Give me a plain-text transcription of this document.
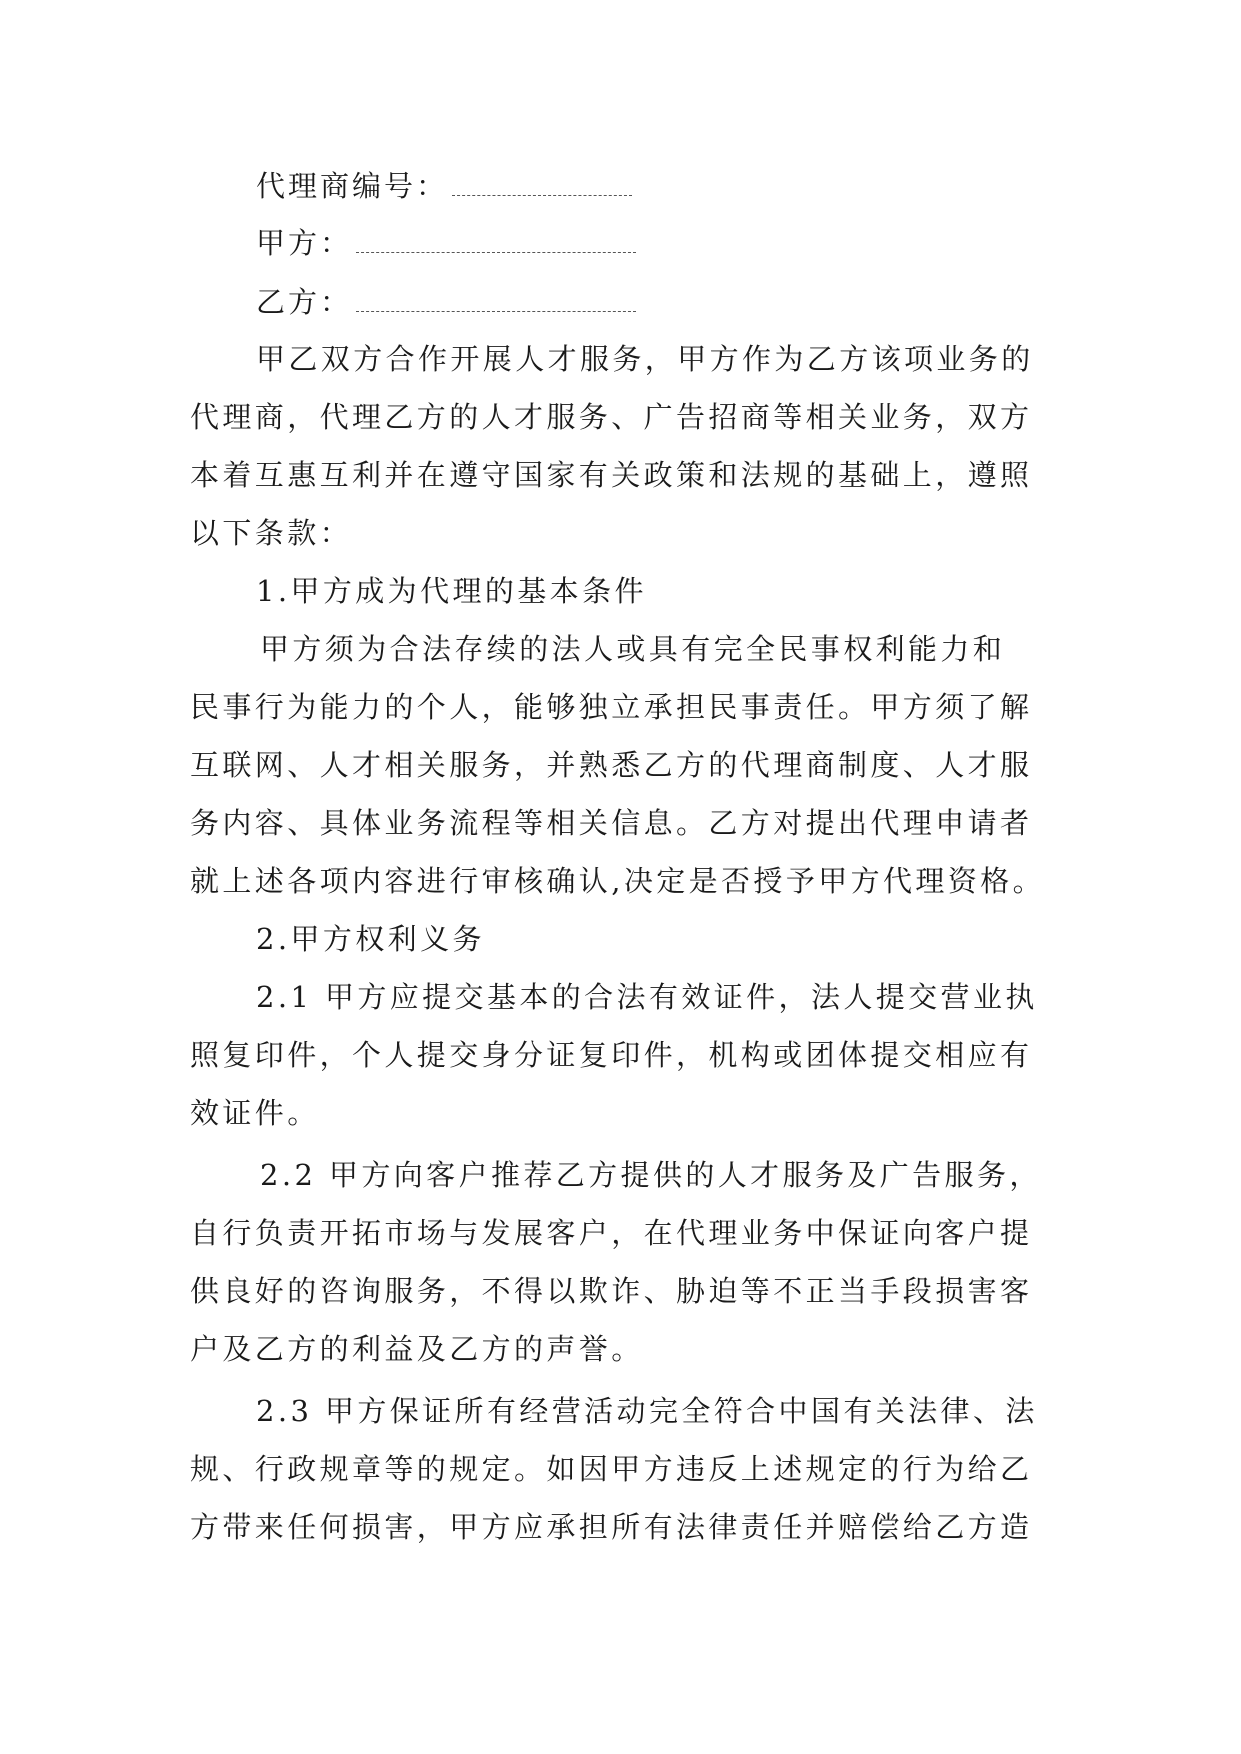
代理商编号：
甲方：
乙方：
甲乙双方合作开展人才服务，甲方作为乙方该项业务的
代理商，代理乙方的人才服务、广告招商等相关业务，双方
本着互惠互利并在遵守国家有关政策和法规的基础上，遵照
以下条款：
1.甲方成为代理的基本条件
甲方须为合法存续的法人或具有完全民事权利能力和
民事行为能力的个人，能够独立承担民事责任。甲方须了解
互联网、人才相关服务，并熟悉乙方的代理商制度、人才服
务内容、具体业务流程等相关信息。乙方对提出代理申请者
就上述各项内容进行审核确认,决定是否授予甲方代理资格。
2.甲方权利义务
2.1 甲方应提交基本的合法有效证件，法人提交营业执
照复印件，个人提交身分证复印件，机构或团体提交相应有
效证件。
2.2 甲方向客户推荐乙方提供的人才服务及广告服务，
自行负责开拓市场与发展客户，在代理业务中保证向客户提
供良好的咨询服务，不得以欺诈、胁迫等不正当手段损害客
户及乙方的利益及乙方的声誉。
2.3 甲方保证所有经营活动完全符合中国有关法律、法
规、行政规章等的规定。如因甲方违反上述规定的行为给乙
方带来任何损害，甲方应承担所有法律责任并赔偿给乙方造
